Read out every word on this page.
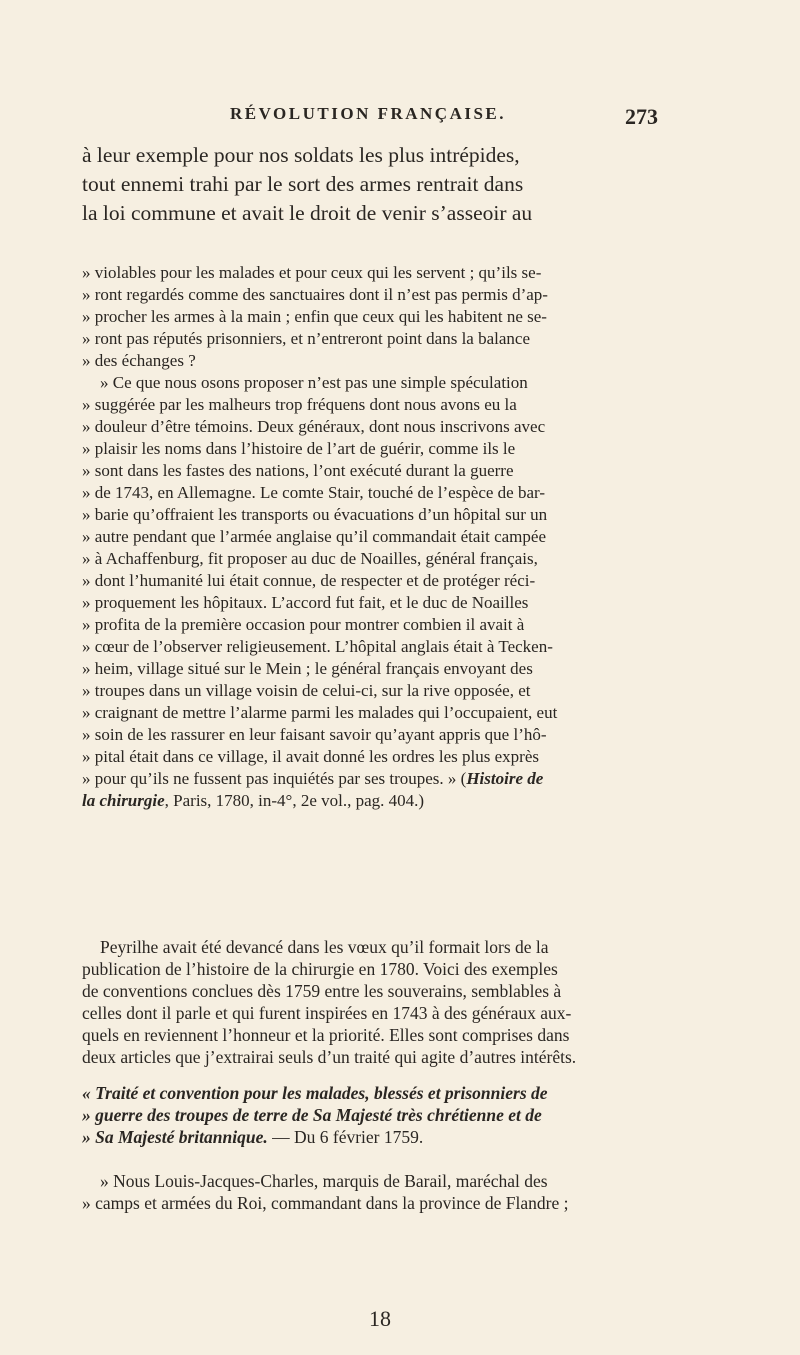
RÉVOLUTION FRANÇAISE.	273
à leur exemple pour nos soldats les plus intrépides,
tout ennemi trahi par le sort des armes rentrait dans
la loi commune et avait le droit de venir s’asseoir au
» violables pour les malades et pour ceux qui les servent ; qu’ils se-
» ront regardés comme des sanctuaires dont il n’est pas permis d’ap-
» procher les armes à la main ; enfin que ceux qui les habitent ne se-
» ront pas réputés prisonniers, et n’entreront point dans la balance
» des échanges ?
» Ce que nous osons proposer n’est pas une simple spéculation
» suggérée par les malheurs trop fréquens dont nous avons eu la
» douleur d’être témoins. Deux généraux, dont nous inscrivons avec
» plaisir les noms dans l’histoire de l’art de guérir, comme ils le
» sont dans les fastes des nations, l’ont exécuté durant la guerre
» de 1743, en Allemagne. Le comte Stair, touché de l’espèce de bar-
» barie qu’offraient les transports ou évacuations d’un hôpital sur un
» autre pendant que l’armée anglaise qu’il commandait était campée
» à Achaffenburg, fit proposer au duc de Noailles, général français,
» dont l’humanité lui était connue, de respecter et de protéger réci-
» proquement les hôpitaux. L’accord fut fait, et le duc de Noailles
» profita de la première occasion pour montrer combien il avait à
» cœur de l’observer religieusement. L’hôpital anglais était à Tecken-
» heim, village situé sur le Mein ; le général français envoyant des
» troupes dans un village voisin de celui-ci, sur la rive opposée, et
» craignant de mettre l’alarme parmi les malades qui l’occupaient, eut
» soin de les rassurer en leur faisant savoir qu’ayant appris que l’hô-
» pital était dans ce village, il avait donné les ordres les plus exprès
» pour qu’ils ne fussent pas inquiétés par ses troupes. » (Histoire de
la chirurgie, Paris, 1780, in-4°, 2e vol., pag. 404.)
Peyrilhe avait été devancé dans les vœux qu’il formait lors de la
publication de l’histoire de la chirurgie en 1780. Voici des exemples
de conventions conclues dès 1759 entre les souverains, semblables à
celles dont il parle et qui furent inspirées en 1743 à des généraux aux-
quels en reviennent l’honneur et la priorité. Elles sont comprises dans
deux articles que j’extrairai seuls d’un traité qui agite d’autres intérêts.
« Traité et convention pour les malades, blessés et prisonniers de
» guerre des troupes de terre de Sa Majesté très chrétienne et de
» Sa Majesté britannique. — Du 6 février 1759.
» Nous Louis-Jacques-Charles, marquis de Barail, maréchal des
» camps et armées du Roi, commandant dans la province de Flandre ;
18
